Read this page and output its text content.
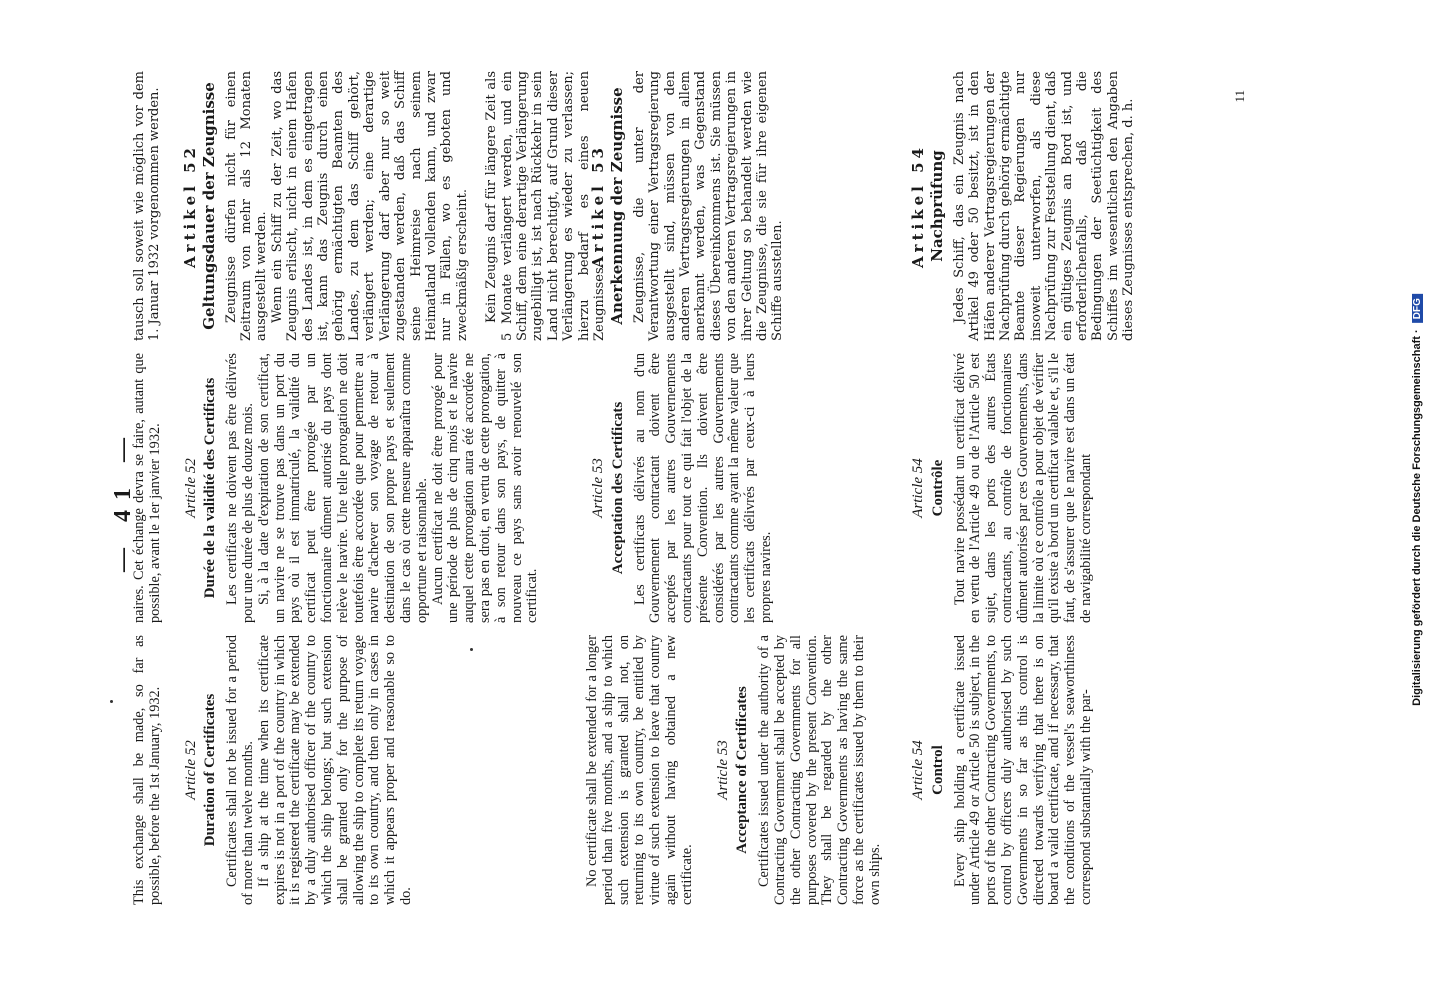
— 41 —

This exchange shall be made, so far as possible, before the 1st January, 1932. Article 52 Duration of Certificates Certificates shall not be issued for a period of more than twelve months. If a ship at the time when its certificate expires is not in a port of the country in which it is registered the certificate may be extended by a duly authorised officer of the country to which the ship belongs; but such extension shall be granted only for the purpose of allowing the ship to complete its return voyage to its own country, and then only in cases in which it appears proper and reasonable so to do.

naires. Cet échange devra se faire, autant que possible, avant le 1er janvier 1932. Article 52 Durée de la validité des Certificats Les certificats ne doivent pas être délivrés pour une durée de plus de douze mois. Si, à la date d'expiration de son certificat, un navire ne se trouve pas dans un port du pays où il est immatriculé, la validité du certificat peut être prorogée par un fonctionnaire dûment autorisé du pays dont relève le navire. Une telle prorogation ne doit toutefois être accordée que pour permettre au navire d'achever son voyage de retour à destination de son propre pays et seulement dans le cas où cette mesure apparaîtra comme opportune et raisonnable. Aucun certificat ne doit être prorogé pour une période de plus de cinq mois et le navire auquel cette prorogation aura été accordée ne sera pas en droit, en vertu de cette prorogation, à son retour dans son pays, de quitter à nouveau ce pays sans avoir renouvelé son certificat.

tausch soll soweit wie möglich vor dem 1. Januar 1932 vorgenommen werden. Artikel 52 Geltungsdauer der Zeugnisse Zeugnisse dürfen nicht für einen Zeitraum von mehr als 12 Monaten ausgestellt werden. Wenn ein Schiff zu der Zeit, wo das Zeugnis erlischt, nicht in einem Hafen des Landes ist, in dem es eingetragen ist, kann das Zeugnis durch einen gehörig ermächtigten Beamten des Landes, zu dem das Schiff gehört, verlängert werden; eine derartige Verlängerung darf aber nur so weit zugestanden werden, daß das Schiff seine Heimreise nach seinem Heimatland vollenden kann, und zwar nur in Fällen, wo es geboten und zweckmäßig erscheint. Kein Zeugnis darf für längere Zeit als 5 Monate verlängert werden, und ein Schiff, dem eine derartige Verlängerung zugebilligt ist, ist nach Rückkehr in sein Land nicht berechtigt, auf Grund dieser Verlängerung es wieder zu verlassen; hierzu bedarf es eines neuen Zeugnisses.

No certificate shall be extended for a longer period than five months, and a ship to which such extension is granted shall not, on returning to its own country, be entitled by virtue of such extension to leave that country again without having obtained a new certificate.

Article 53 Acceptance of Certificates Certificates issued under the authority of a Contracting Government shall be accepted by the other Contracting Governments for all purposes covered by the present Convention. They shall be regarded by the other Contracting Governments as having the same force as the certificates issued by them to their own ships.

Article 53 Acceptation des Certificats Les certificats délivrés au nom d'un Gouvernement contractant doivent être acceptés par les autres Gouvernements contractants pour tout ce qui fait l'objet de la présente Convention. Ils doivent être considérés par les autres Gouvernements contractants comme ayant la même valeur que les certificats délivrés par ceux-ci à leurs propres navires.

Artikel 53 Anerkennung der Zeugnisse Zeugnisse, die unter der Verantwortung einer Vertragsregierung ausgestellt sind, müssen von den anderen Vertragsregierungen in allem anerkannt werden, was Gegenstand dieses Übereinkommens ist. Sie müssen von den anderen Vertragsregierungen in ihrer Geltung so behandelt werden wie die Zeugnisse, die sie für ihre eigenen Schiffe ausstellen.

Article 54 Control Every ship holding a certificate issued under Article 49 or Article 50 is subject, in the ports of the other Contracting Governments, to control by officers duly authorised by such Governments in so far as this control is directed towards verifying that there is on board a valid certificate, and if necessary, that the conditions of the vessel's seaworthiness correspond substantially with the par-

Article 54 Contrôle Tout navire possédant un certificat délivré en vertu de l'Article 49 ou de l'Article 50 est sujet, dans les ports des autres États contractants, au contrôle de fonctionnaires dûment autorisés par ces Gouvernements, dans la limite où ce contrôle a pour objet de vérifier qu'il existe à bord un certificat valable et, s'il le faut, de s'assurer que le navire est dans un état de navigabilité correspondant

Artikel 54 Nachprüfung Jedes Schiff, das ein Zeugnis nach Artikel 49 oder 50 besitzt, ist in den Häfen anderer Vertragsregierungen der Nachprüfung durch gehörig ermächtigte Beamte dieser Regierungen nur insoweit unterworfen, als diese Nachprüfung zur Feststellung dient, daß ein gültiges Zeugnis an Bord ist, und erforderlichenfalls, daß die Bedingungen der Seetüchtigkeit des Schiffes im wesentlichen den Angaben dieses Zeugnisses entsprechen, d. h.

11
Digitalisierung gefördert durch die Deutsche Forschungsgemeinschaft · DFG
